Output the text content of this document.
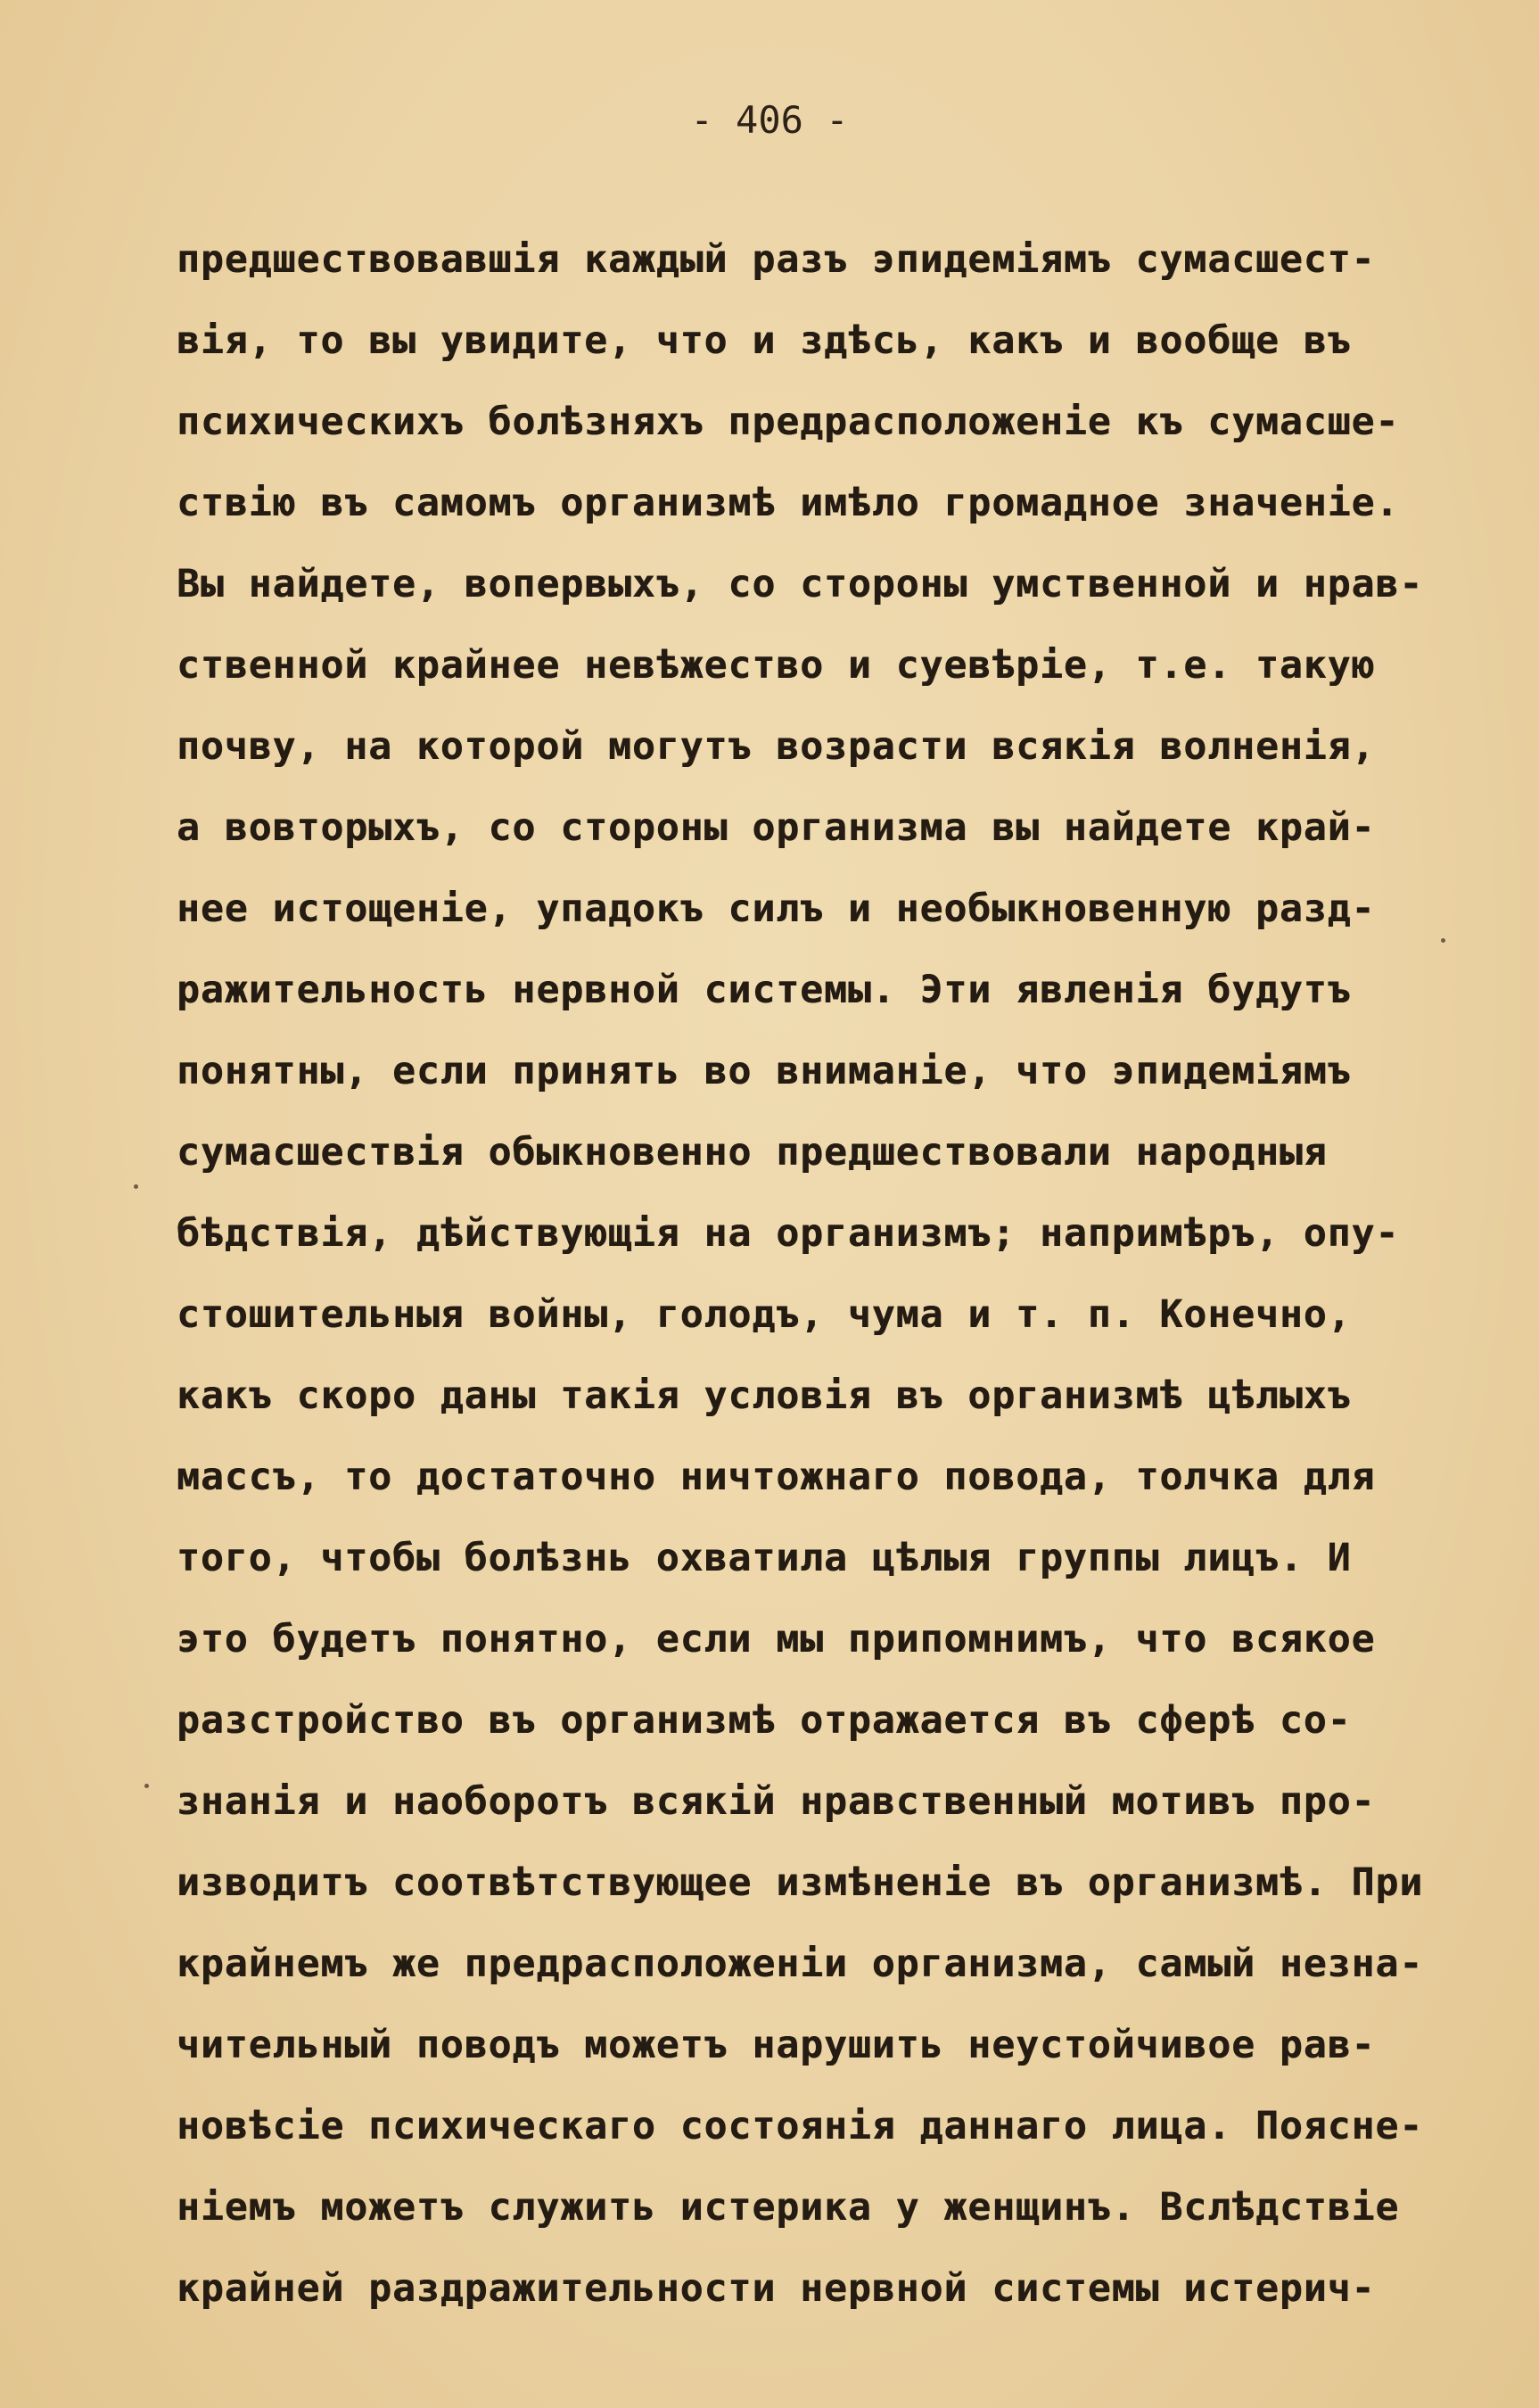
- 406 -
предшествовавшія каждый разъ эпидеміямъ сумасшест-
вія, то вы увидите, что и здѣсь, какъ и вообще въ
психическихъ болѣзняхъ предрасположеніе къ сумасше-
ствію въ самомъ организмѣ имѣло громадное значеніе.
Вы найдете, вопервыхъ, со стороны умственной и нрав-
ственной крайнее невѣжество и суевѣріе, т.е. такую
почву, на которой могутъ возрасти всякія волненія,
а вовторыхъ, со стороны организма вы найдете край-
нее истощеніе, упадокъ силъ и необыкновенную разд-
ражительность нервной системы. Эти явленія будутъ
понятны, если принять во вниманіе, что эпидеміямъ
сумасшествія обыкновенно предшествовали народныя
бѣдствія, дѣйствующія на организмъ; напримѣръ, опу-
стошительныя войны, голодъ, чума и т. п. Конечно,
какъ скоро даны такія условія въ организмѣ цѣлыхъ
массъ, то достаточно ничтожнаго повода, толчка для
того, чтобы болѣзнь охватила цѣлыя группы лицъ. И
это будетъ понятно, если мы припомнимъ, что всякое
разстройство въ организмѣ отражается въ сферѣ со-
знанія и наоборотъ всякій нравственный мотивъ про-
изводитъ соотвѣтствующее измѣненіе въ организмѣ. При
крайнемъ же предрасположеніи организма, самый незна-
чительный поводъ можетъ нарушить неустойчивое рав-
новѣсіе психическаго состоянія даннаго лица. Поясне-
ніемъ можетъ служить истерика у женщинъ. Вслѣдствіе
крайней раздражительности нервной системы истерич-
